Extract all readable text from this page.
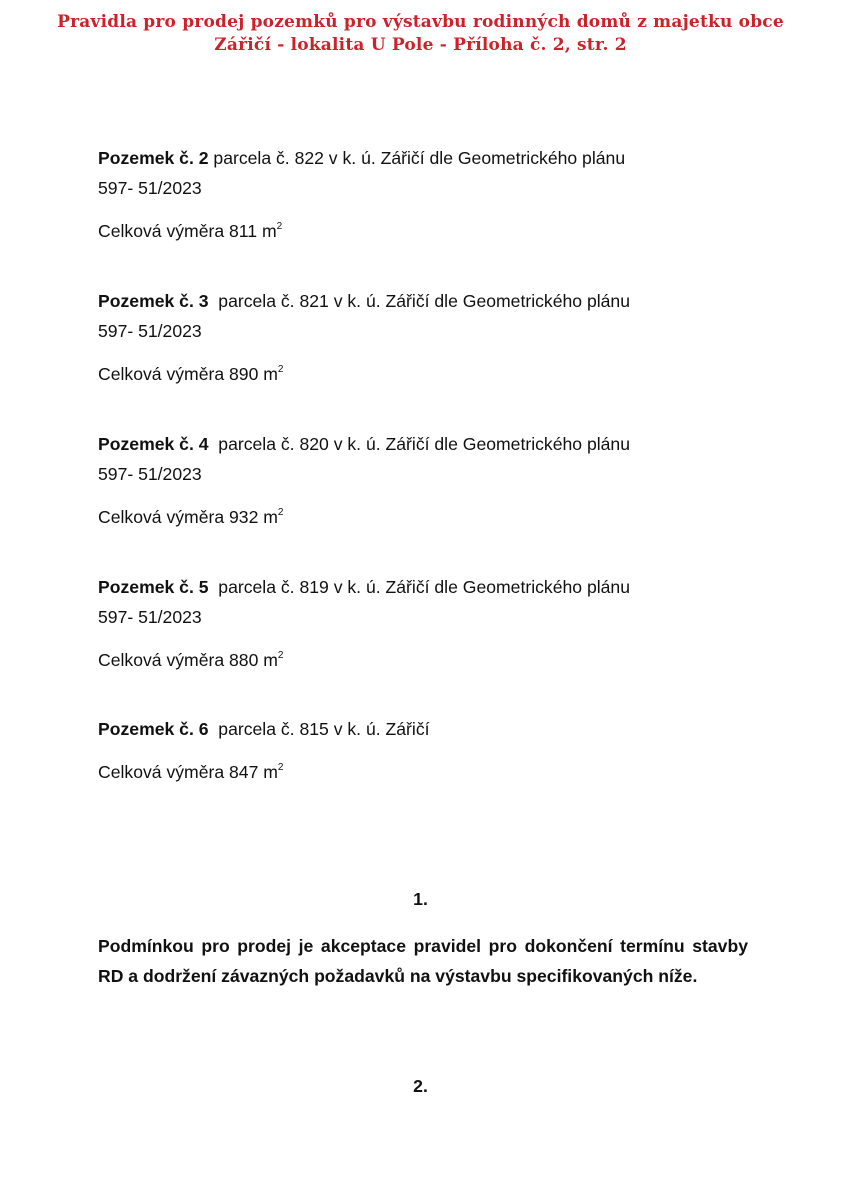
Pravidla pro prodej pozemků pro výstavbu rodinných domů z majetku obce
Zářičí - lokalita U Pole - Příloha č. 2, str. 2
Pozemek č. 2 parcela č. 822 v k. ú. Zářičí dle Geometrického plánu
597- 51/2023
Celková výměra 811 $m^2$
Pozemek č. 3  parcela č. 821 v k. ú. Zářičí dle Geometrického plánu
597- 51/2023
Celková výměra 890 $m^2$
Pozemek č. 4  parcela č. 820 v k. ú. Zářičí dle Geometrického plánu
597- 51/2023
Celková výměra 932 $m^2$
Pozemek č. 5  parcela č. 819 v k. ú. Zářičí dle Geometrického plánu
597- 51/2023
Celková výměra 880 $m^2$
Pozemek č. 6  parcela č. 815 v k. ú. Zářičí
Celková výměra 847 $m^2$
1.
Podmínkou pro prodej je akceptace pravidel pro dokončení termínu stavby RD a dodržení závazných požadavků na výstavbu specifikovaných níže.
2.
